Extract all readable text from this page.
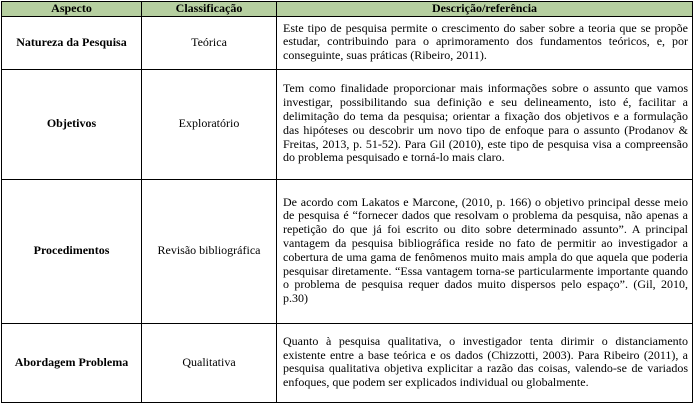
Aspecto	Classificação	Descrição/referência
Natureza da Pesquisa	Teórica	Este tipo de pesquisa permite o crescimento do saber sobre a teoria que se propõe estudar, contribuindo para o aprimoramento dos fundamentos teóricos, e, por conseguinte, suas práticas (Ribeiro, 2011).
Objetivos	Exploratório	Tem como finalidade proporcionar mais informações sobre o assunto que vamos investigar, possibilitando sua definição e seu delineamento, isto é, facilitar a delimitação do tema da pesquisa; orientar a fixação dos objetivos e a formulação das hipóteses ou descobrir um novo tipo de enfoque para o assunto (Prodanov & Freitas, 2013, p. 51-52). Para Gil (2010), este tipo de pesquisa visa a compreensão do problema pesquisado e torná-lo mais claro.
Procedimentos	Revisão bibliográfica	De acordo com Lakatos e Marcone, (2010, p. 166) o objetivo principal desse meio de pesquisa é “fornecer dados que resolvam o problema da pesquisa, não apenas a repetição do que já foi escrito ou dito sobre determinado assunto”. A principal vantagem da pesquisa bibliográfica reside no fato de permitir ao investigador a cobertura de uma gama de fenômenos muito mais ampla do que aquela que poderia pesquisar diretamente. “Essa vantagem torna-se particularmente importante quando o problema de pesquisa requer dados muito dispersos pelo espaço”. (Gil, 2010, p.30)
Abordagem Problema	Qualitativa	Quanto à pesquisa qualitativa, o investigador tenta dirimir o distanciamento existente entre a base teórica e os dados (Chizzotti, 2003). Para Ribeiro (2011), a pesquisa qualitativa objetiva explicitar a razão das coisas, valendo-se de variados enfoques, que podem ser explicados individual ou globalmente.
